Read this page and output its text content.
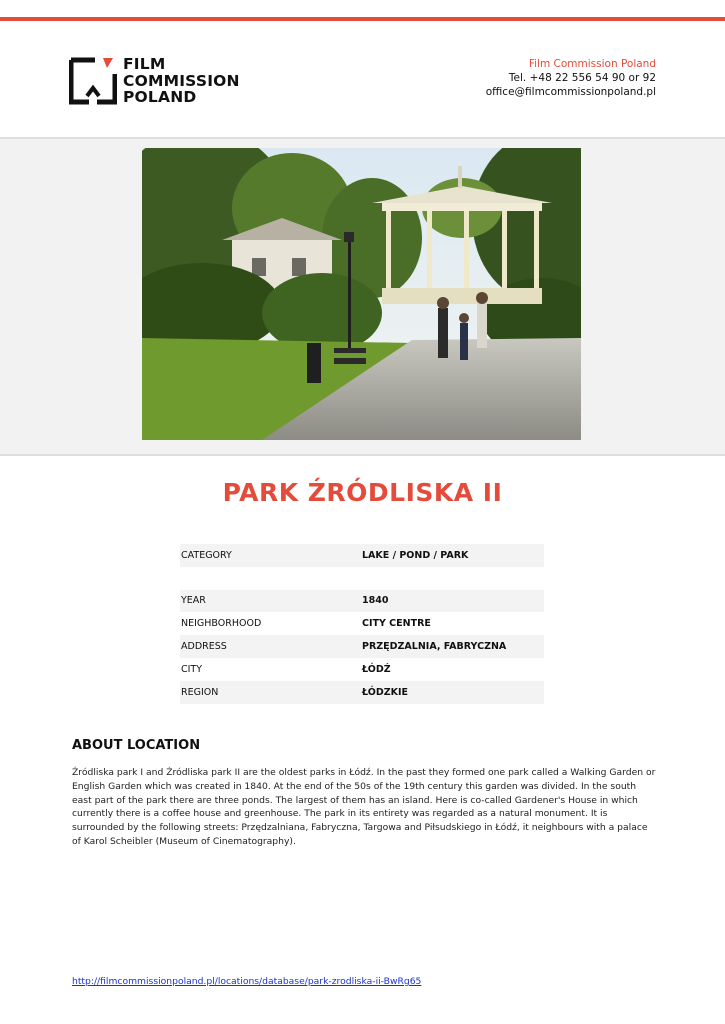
FILM
COMMISSION
POLAND
Film Commission Poland
Tel. +48 22 556 54 90 or 92
office@filmcommissionpoland.pl
PARK ŹRÓDLISKA II
CATEGORY	LAKE / POND / PARK
YEAR	1840
NEIGHBORHOOD	CITY CENTRE
ADDRESS	PRZĘDZALNIA, FABRYCZNA
CITY	ŁÓDŹ
REGION	ŁÓDZKIE
ABOUT LOCATION
Źródliska park I and Źródliska park II are the oldest parks in Łódź. In the past they formed one park called a Walking Garden or English Garden which was created in 1840. At the end of the 50s of the 19th century this garden was divided. In the south east part of the park there are three ponds. The largest of them has an island. Here is co-called Gardener's House in which currently there is a coffee house and greenhouse. The park in its entirety was regarded as a natural monument. It is surrounded by the following streets: Przędzalniana, Fabryczna, Targowa and Piłsudskiego in Łódź, it neighbours with a palace of Karol Scheibler (Museum of Cinematography).
http://filmcommissionpoland.pl/locations/database/park-zrodliska-ii-BwRg65
